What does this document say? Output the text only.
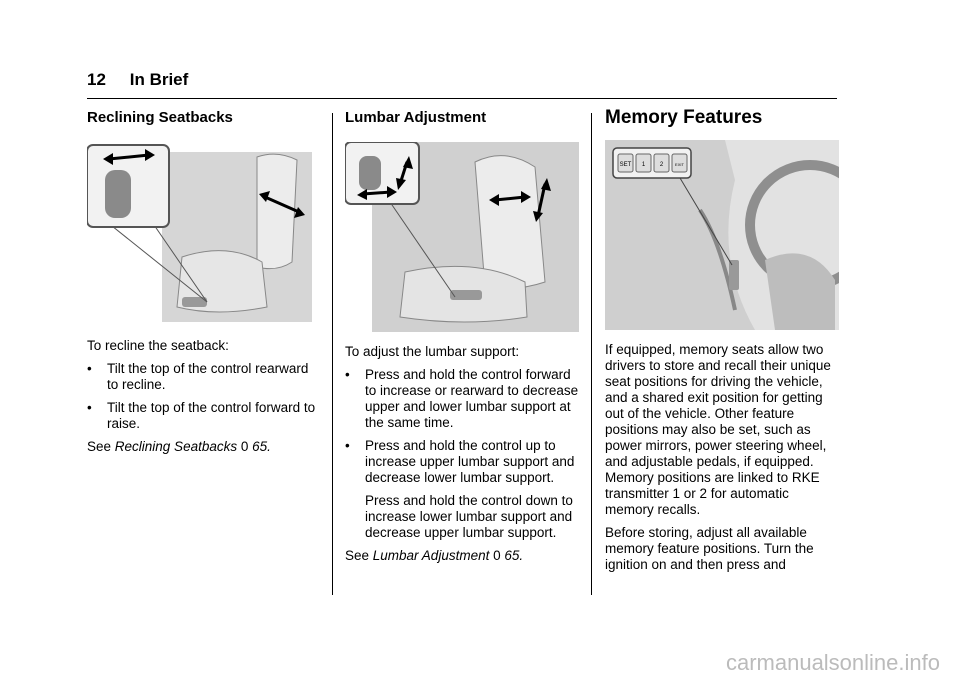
12 In Brief
Reclining Seatbacks

To recline the seatback:

•	Tilt the top of the control rearward to recline.
•	Tilt the top of the control forward to raise.

See Reclining Seatbacks 0 65.

Lumbar Adjustment

To adjust the lumbar support:

•	Press and hold the control forward to increase or rearward to decrease upper and lower lumbar support at the same time.
•	Press and hold the control up to increase upper lumbar support and decrease lower lumbar support.

Press and hold the control down to increase lower lumbar support and decrease upper lumbar support.

See Lumbar Adjustment 0 65.

Memory Features
SET 1 2	EXIT

If equipped, memory seats allow two drivers to store and recall their unique seat positions for driving the vehicle, and a shared exit position for getting out of the vehicle. Other feature positions may also be set, such as power mirrors, power steering wheel, and adjustable pedals, if equipped. Memory positions are linked to RKE transmitter 1 or 2 for automatic memory recalls.

Before storing, adjust all available memory feature positions. Turn the ignition on and then press and

carmanualsonline.info
